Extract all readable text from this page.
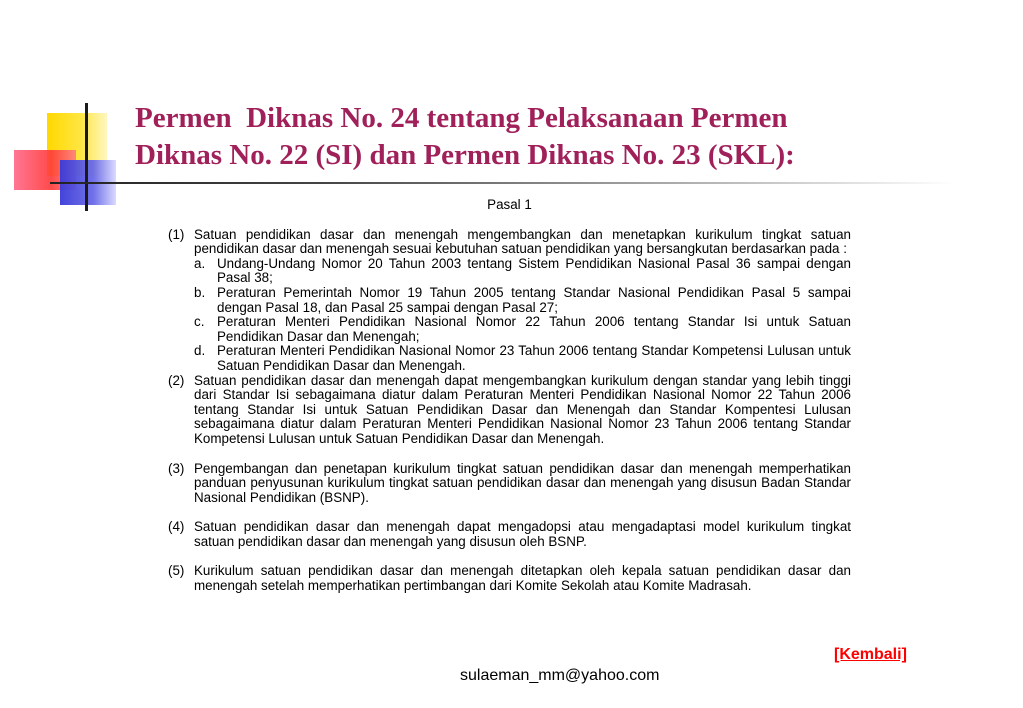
Permen  Diknas No. 24 tentang Pelaksanaan Permen
Diknas No. 22 (SI) dan Permen Diknas No. 23 (SKL):
Pasal 1
(1) Satuan pendidikan dasar dan menengah mengembangkan dan menetapkan kurikulum tingkat satuan pendidikan dasar dan menengah sesuai kebutuhan satuan pendidikan yang bersangkutan berdasarkan pada :
a. Undang-Undang Nomor 20 Tahun 2003 tentang Sistem Pendidikan Nasional Pasal 36 sampai dengan Pasal 38;
b. Peraturan Pemerintah Nomor 19 Tahun 2005 tentang Standar Nasional Pendidikan Pasal 5 sampai dengan Pasal 18, dan Pasal 25 sampai dengan Pasal 27;
c. Peraturan Menteri Pendidikan Nasional Nomor 22 Tahun 2006 tentang Standar Isi untuk Satuan Pendidikan Dasar dan Menengah;
d. Peraturan Menteri Pendidikan Nasional Nomor 23 Tahun 2006 tentang Standar Kompetensi Lulusan untuk Satuan Pendidikan Dasar dan Menengah.
(2) Satuan pendidikan dasar dan menengah dapat mengembangkan kurikulum dengan standar yang lebih tinggi dari Standar Isi sebagaimana diatur dalam Peraturan Menteri Pendidikan Nasional Nomor 22 Tahun 2006 tentang Standar Isi untuk Satuan Pendidikan Dasar dan Menengah dan Standar Kompentesi Lulusan sebagaimana diatur dalam Peraturan Menteri Pendidikan Nasional Nomor 23 Tahun 2006 tentang Standar Kompetensi Lulusan untuk Satuan Pendidikan Dasar dan Menengah.
(3) Pengembangan dan penetapan kurikulum tingkat satuan pendidikan dasar dan menengah memperhatikan panduan penyusunan kurikulum tingkat satuan pendidikan dasar dan menengah yang disusun Badan Standar Nasional Pendidikan (BSNP).
(4) Satuan pendidikan dasar dan menengah dapat mengadopsi atau mengadaptasi model kurikulum tingkat satuan pendidikan dasar dan menengah yang disusun oleh BSNP.
(5) Kurikulum satuan pendidikan dasar dan menengah ditetapkan oleh kepala satuan pendidikan dasar dan menengah setelah memperhatikan pertimbangan dari Komite Sekolah atau Komite Madrasah.
[Kembali]
sulaeman_mm@yahoo.com
